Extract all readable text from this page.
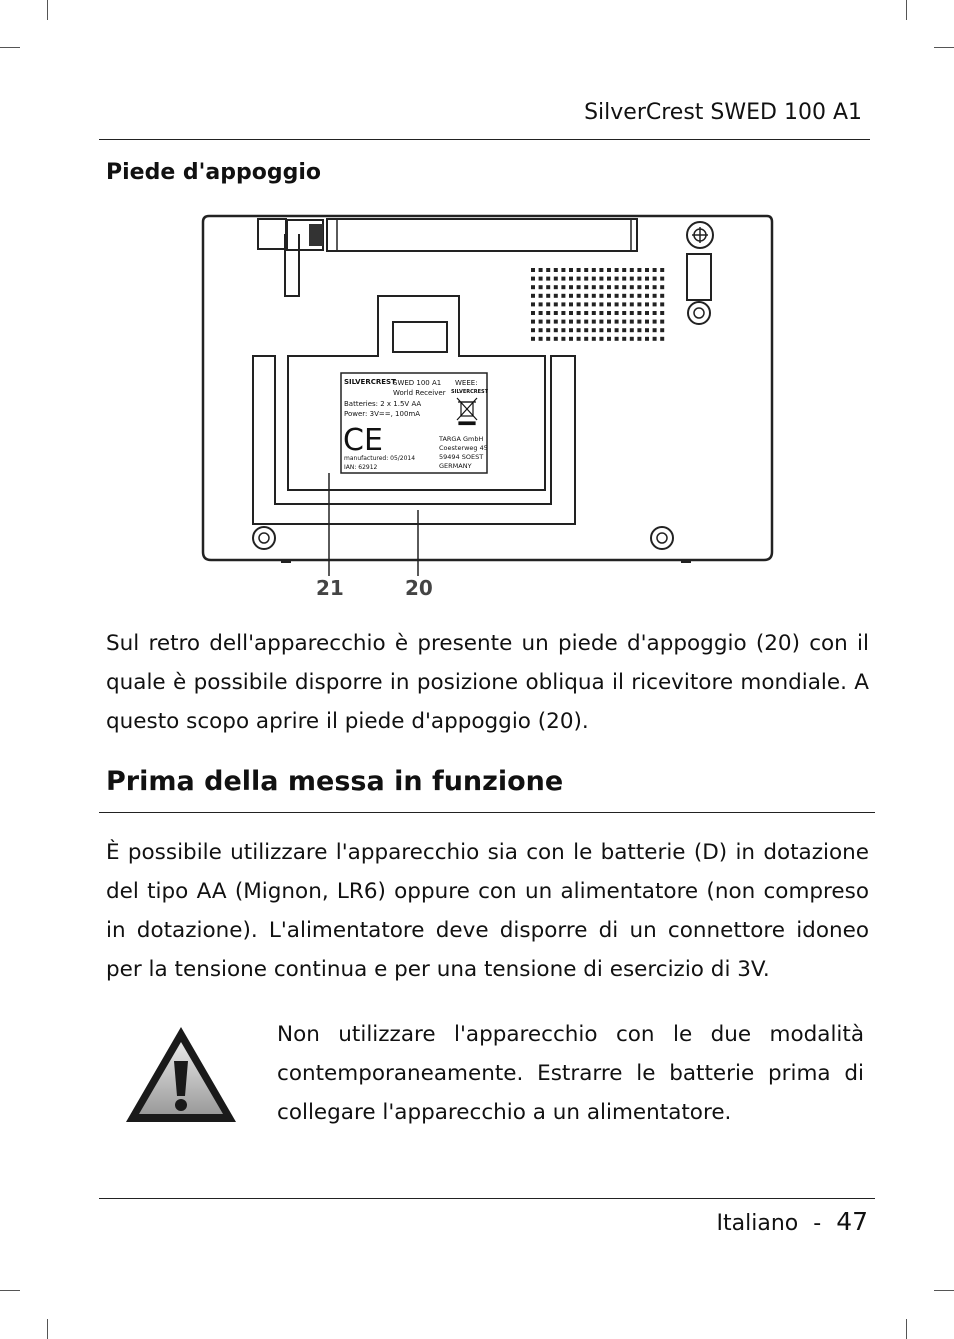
SilverCrest SWED 100 A1
Piede d'appoggio
SILVERCREST
SWED 100 A1
World Receiver
Batteries: 2 x 1.5V AA
Power: 3V==, 100mA
WEEE:
SILVERCREST
CE	TARGA GmbH
Coesterweg 45
59494 SOEST
GERMANY
manufactured: 05/2014
IAN: 62912
21	20

Sul retro dell'apparecchio è presente un piede d'appoggio (20) con il quale è possibile disporre in posizione obliqua il ricevitore mondiale. A questo scopo aprire il piede d'appoggio (20).

Prima della messa in funzione

È possibile utilizzare l'apparecchio sia con le batterie (D) in dotazione del tipo AA (Mignon, LR6) oppure con un alimentatore (non compreso in dotazione). L'alimentatore deve disporre di un connettore idoneo per la tensione continua e per una tensione di esercizio di 3V.

Non utilizzare l'apparecchio con le due modalità contemporaneamente. Estrarre le batterie prima di collegare l'apparecchio a un alimentatore.

Italiano - 47
